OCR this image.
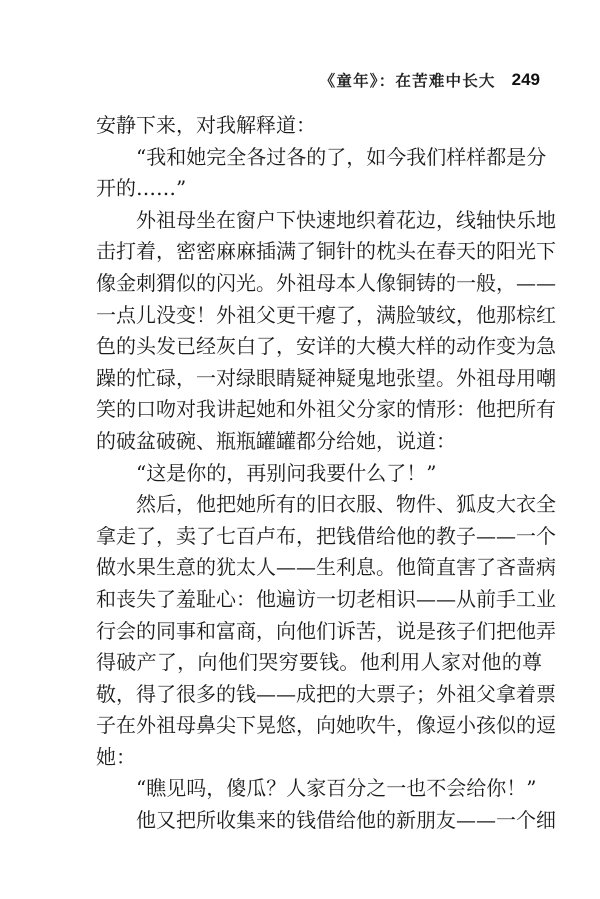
《童年》：在苦难中长大 249
安静下来，对我解释道：
“我和她完全各过各的了，如今我们样样都是分
开的……”
外祖母坐在窗户下快速地织着花边，线轴快乐地
击打着，密密麻麻插满了铜针的枕头在春天的阳光下
像金刺猬似的闪光。外祖母本人像铜铸的一般，——
一点儿没变！外祖父更干瘪了，满脸皱纹，他那棕红
色的头发已经灰白了，安详的大模大样的动作变为急
躁的忙碌，一对绿眼睛疑神疑鬼地张望。外祖母用嘲
笑的口吻对我讲起她和外祖父分家的情形：他把所有
的破盆破碗、瓶瓶罐罐都分给她，说道：
“这是你的，再别问我要什么了！”
然后，他把她所有的旧衣服、物件、狐皮大衣全
拿走了，卖了七百卢布，把钱借给他的教子——一个
做水果生意的犹太人——生利息。他简直害了吝啬病
和丧失了羞耻心：他遍访一切老相识——从前手工业
行会的同事和富商，向他们诉苦，说是孩子们把他弄
得破产了，向他们哭穷要钱。他利用人家对他的尊
敬，得了很多的钱——成把的大票子；外祖父拿着票
子在外祖母鼻尖下晃悠，向她吹牛，像逗小孩似的逗
她：
“瞧见吗，傻瓜？人家百分之一也不会给你！”
他又把所收集来的钱借给他的新朋友——一个细
